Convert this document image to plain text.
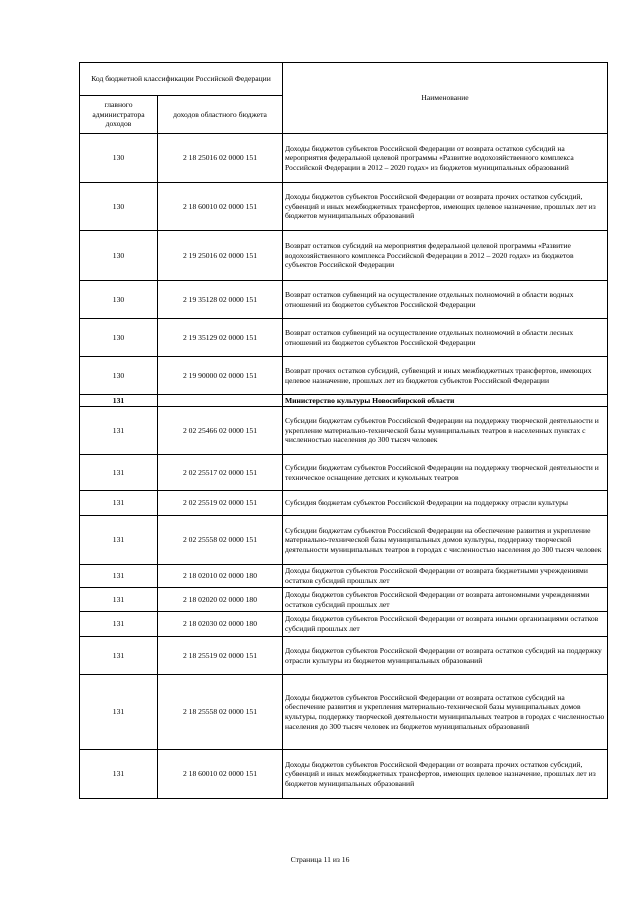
Код бюджетной классификации Российской Федерации		Наименование
главного администратора доходов	доходов областного бюджета	
130	2 18 25016 02 0000 151	Доходы бюджетов субъектов Российской Федерации от возврата остатков субсидий на мероприятия федеральной целевой программы «Развитие водохозяйственного комплекса Российской Федерации в 2012 – 2020 годах» из бюджетов муниципальных образований
130	2 18 60010 02 0000 151	Доходы бюджетов субъектов Российской Федерации от возврата прочих остатков субсидий, субвенций и иных межбюджетных трансфертов, имеющих целевое назначение, прошлых лет из бюджетов муниципальных образований
130	2 19 25016 02 0000 151	Возврат остатков субсидий на мероприятия федеральной целевой программы «Развитие водохозяйственного комплекса Российской Федерации в 2012 – 2020 годах» из бюджетов субъектов Российской Федерации
130	2 19 35128 02 0000 151	Возврат остатков субвенций на осуществление отдельных полномочий в области водных отношений из бюджетов субъектов Российской Федерации
130	2 19 35129 02 0000 151	Возврат остатков субвенций на осуществление отдельных полномочий в области лесных отношений из бюджетов субъектов Российской Федерации
130	2 19 90000 02 0000 151	Возврат прочих остатков субсидий, субвенций и иных межбюджетных трансфертов, имеющих целевое назначение, прошлых лет из бюджетов субъектов Российской Федерации
131		Министерство культуры Новосибирской области
131	2 02 25466 02 0000 151	Субсидии бюджетам субъектов Российской Федерации на поддержку творческой деятельности и укрепление материально-технической базы муниципальных театров в населенных пунктах с численностью населения до 300 тысяч человек
131	2 02 25517 02 0000 151	Субсидии бюджетам субъектов Российской Федерации на поддержку творческой деятельности и техническое оснащение детских и кукольных театров
131	2 02 25519 02 0000 151	Субсидия бюджетам субъектов Российской Федерации на поддержку отрасли культуры
131	2 02 25558 02 0000 151	Субсидии бюджетам субъектов Российской Федерации на обеспечение развития и укрепление материально-технической базы муниципальных домов культуры, поддержку творческой деятельности муниципальных театров в городах с численностью населения до 300 тысяч человек
131	2 18 02010 02 0000 180	Доходы бюджетов субъектов Российской Федерации от возврата бюджетными учреждениями остатков субсидий прошлых лет
131	2 18 02020 02 0000 180	Доходы бюджетов субъектов Российской Федерации от возврата автономными учреждениями остатков субсидий прошлых лет
131	2 18 02030 02 0000 180	Доходы бюджетов субъектов Российской Федерации от возврата иными организациями остатков субсидий прошлых лет
131	2 18 25519 02 0000 151	Доходы бюджетов субъектов Российской Федерации от возврата остатков субсидий на поддержку отрасли культуры из бюджетов муниципальных образований
131	2 18 25558 02 0000 151	Доходы бюджетов субъектов Российской Федерации от возврата остатков субсидий на обеспечение развития и укрепления материально-технической базы муниципальных домов культуры, поддержку творческой деятельности муниципальных театров в городах с численностью населения до 300 тысяч человек из бюджетов муниципальных образований
131	2 18 60010 02 0000 151	Доходы бюджетов субъектов Российской Федерации от возврата прочих остатков субсидий, субвенций и иных межбюджетных трансфертов, имеющих целевое назначение, прошлых лет из бюджетов муниципальных образований
Страница 11 из 16
